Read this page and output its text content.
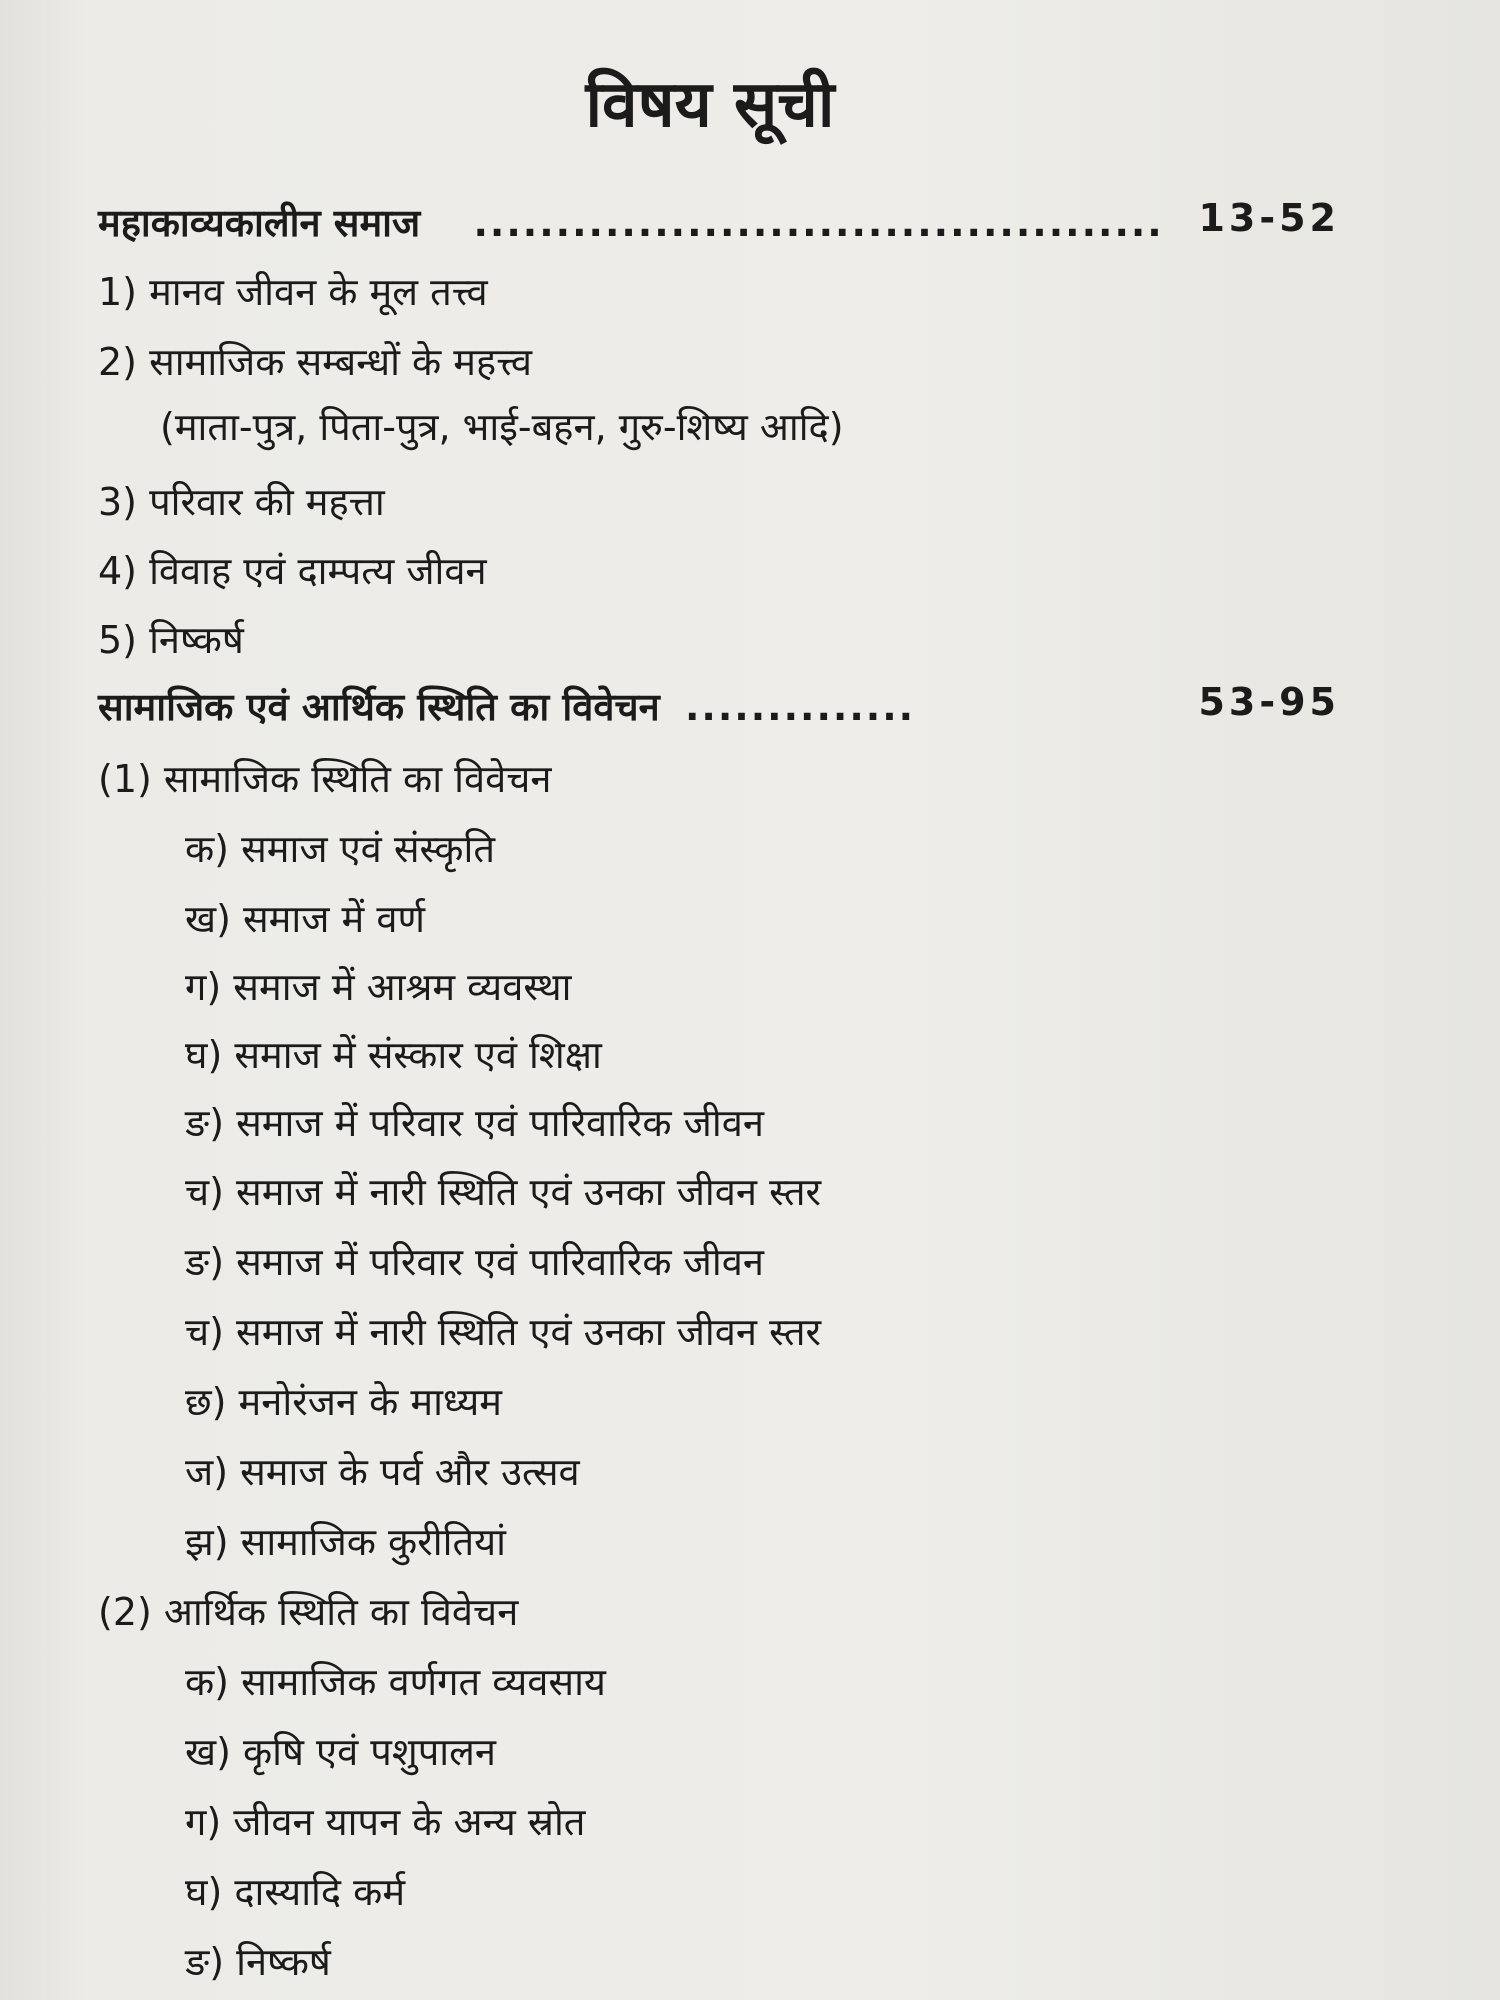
विषय सूची
महाकाव्यकालीन समाज .......................................... 13-52
1) मानव जीवन के मूल तत्त्व
2) सामाजिक सम्बन्धों के महत्त्व
(माता-पुत्र, पिता-पुत्र, भाई-बहन, गुरु-शिष्य आदि)
3) परिवार की महत्ता
4) विवाह एवं दाम्पत्य जीवन
5) निष्कर्ष
सामाजिक एवं आर्थिक स्थिति का विवेचन ..............	53-95
(1) सामाजिक स्थिति का विवेचन
क) समाज एवं संस्कृति
ख) समाज में वर्ण
ग) समाज में आश्रम व्यवस्था
घ) समाज में संस्कार एवं शिक्षा
ङ) समाज में परिवार एवं पारिवारिक जीवन
च) समाज में नारी स्थिति एवं उनका जीवन स्तर
ङ) समाज में परिवार एवं पारिवारिक जीवन
च) समाज में नारी स्थिति एवं उनका जीवन स्तर
छ) मनोरंजन के माध्यम
ज) समाज के पर्व और उत्सव
झ) सामाजिक कुरीतियां
(2) आर्थिक स्थिति का विवेचन
क) सामाजिक वर्णगत व्यवसाय
ख) कृषि एवं पशुपालन
ग) जीवन यापन के अन्य स्रोत
घ) दास्यादि कर्म
ङ) निष्कर्ष
